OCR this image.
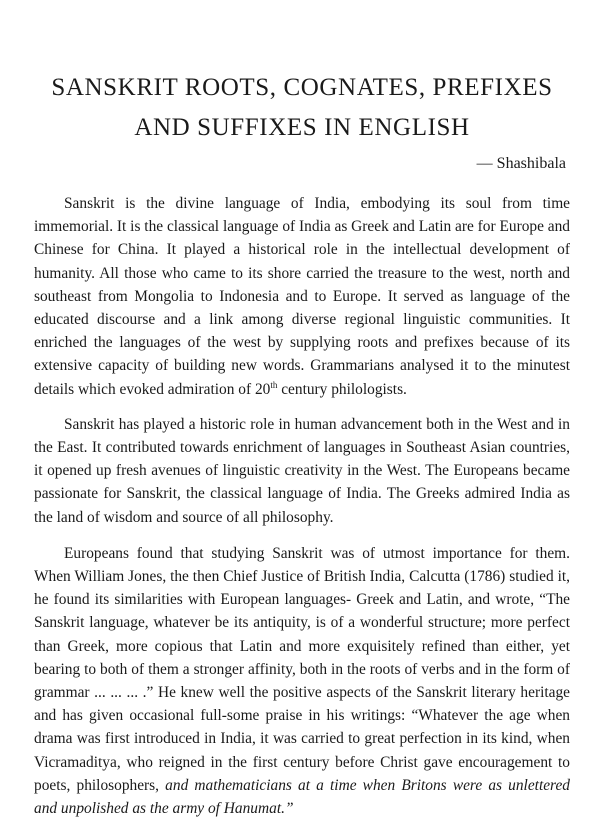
SANSKRIT ROOTS, COGNATES, PREFIXES
AND SUFFIXES IN ENGLISH
— Shashibala

Sanskrit is the divine language of India, embodying its soul from time immemorial. It is the classical language of India as Greek and Latin are for Europe and Chinese for China. It played a historical role in the intellectual development of humanity. All those who came to its shore carried the treasure to the west, north and southeast from Mongolia to Indonesia and to Europe. It served as language of the educated discourse and a link among diverse regional linguistic communities. It enriched the languages of the west by supplying roots and prefixes because of its extensive capacity of building new words. Grammarians analysed it to the minutest details which evoked admiration of 20th century philologists.

Sanskrit has played a historic role in human advancement both in the West and in the East. It contributed towards enrichment of languages in Southeast Asian countries, it opened up fresh avenues of linguistic creativity in the West. The Europeans became passionate for Sanskrit, the classical language of India. The Greeks admired India as the land of wisdom and source of all philosophy.

Europeans found that studying Sanskrit was of utmost importance for them. When William Jones, the then Chief Justice of British India, Calcutta (1786) studied it, he found its similarities with European languages- Greek and Latin, and wrote, “The Sanskrit language, whatever be its antiquity, is of a wonderful structure; more perfect than Greek, more copious that Latin and more exquisitely refined than either, yet bearing to both of them a stronger affinity, both in the roots of verbs and in the form of grammar ... ... ... .” He knew well the positive aspects of the Sanskrit literary heritage and has given occasional full-some praise in his writings: “Whatever the age when drama was first introduced in India, it was carried to great perfection in its kind, when Vicramaditya, who reigned in the first century before Christ gave encouragement to poets, philosophers, and mathematicians at a time when Britons were as unlettered and unpolished as the army of Hanumat.”
